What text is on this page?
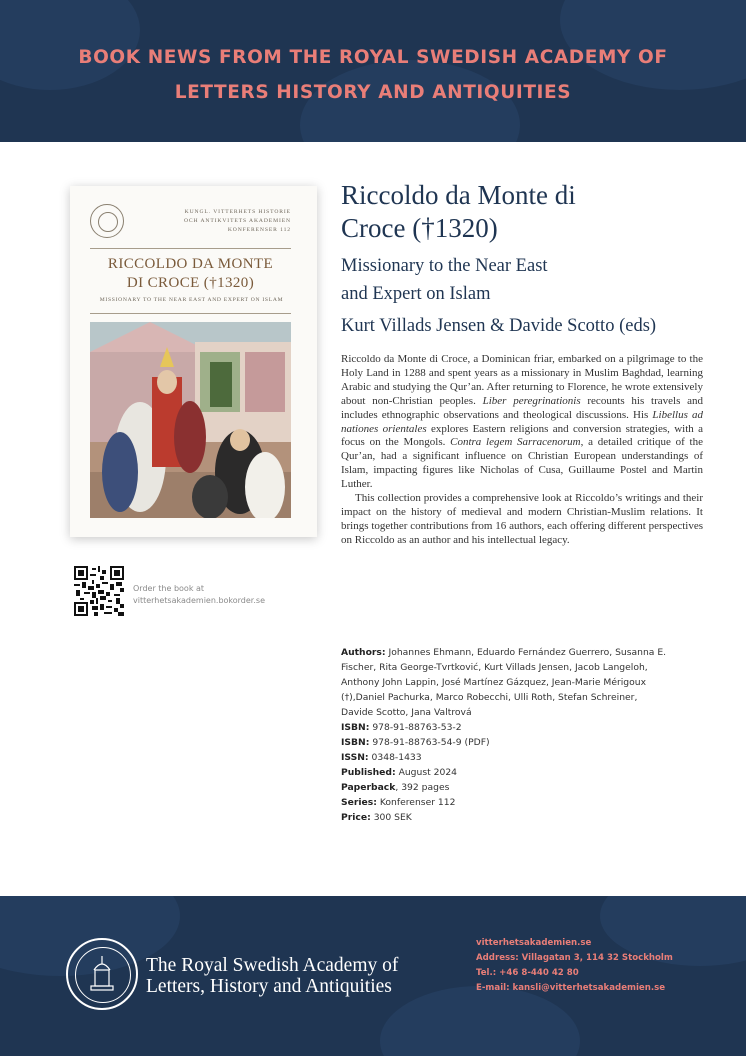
BOOK NEWS FROM THE ROYAL SWEDISH ACADEMY OF
LETTERS HISTORY AND ANTIQUITIES
KUNGL. VITTERHETS HISTORIE
OCH ANTIKVITETS AKADEMIEN
KONFERENSER 112
RICCOLDO DA MONTE
DI CROCE (†1320)
MISSIONARY TO THE NEAR EAST AND EXPERT ON ISLAM
Order the book at
vitterhetsakademien.bokorder.se
Riccoldo da Monte di
Croce (†1320)
Missionary to the Near East
and Expert on Islam
Kurt Villads Jensen & Davide Scotto (eds)

Riccoldo da Monte di Croce, a Dominican friar, embarked on a pilgrimage to the Holy Land in 1288 and spent years as a missionary in Muslim Baghdad, learning Arabic and studying the Qur’an. After returning to Florence, he wrote extensively about non-Christian peoples. Liber peregrinationis recounts his travels and includes ethnographic observations and theological discussions. His Libellus ad nationes orientales explores Eastern religions and conversion strategies, with a focus on the Mongols. Contra legem Sarracenorum, a detailed critique of the Qur’an, had a significant influence on Christian European understandings of Islam, impacting figures like Nicholas of Cusa, Guillaume Postel and Martin Luther.

This collection provides a comprehensive look at Riccoldo’s writings and their impact on the history of medieval and modern Christian-Muslim relations. It brings together contributions from 16 authors, each offering different perspectives on Riccoldo as an author and his intellectual legacy.

Authors: Johannes Ehmann, Eduardo Fernández Guerrero, Susanna E. Fischer, Rita George-Tvrtković, Kurt Villads Jensen, Jacob Langeloh, Anthony John Lappin, José Martínez Gázquez, Jean-Marie Mérigoux (†),Daniel Pachurka, Marco Robecchi, Ulli Roth, Stefan Schreiner, Davide Scotto, Jana Valtrová
ISBN: 978-91-88763-53-2
ISBN: 978-91-88763-54-9 (PDF)
ISSN: 0348-1433
Published: August 2024
Paperback, 392 pages
Series: Konferenser 112
Price: 300 SEK
The Royal Swedish Academy of
Letters, History and Antiquities
vitterhetsakademien.se
Address: Villagatan 3, 114 32 Stockholm
Tel.: +46 8-440 42 80
E-mail: kansli@vitterhetsakademien.se
